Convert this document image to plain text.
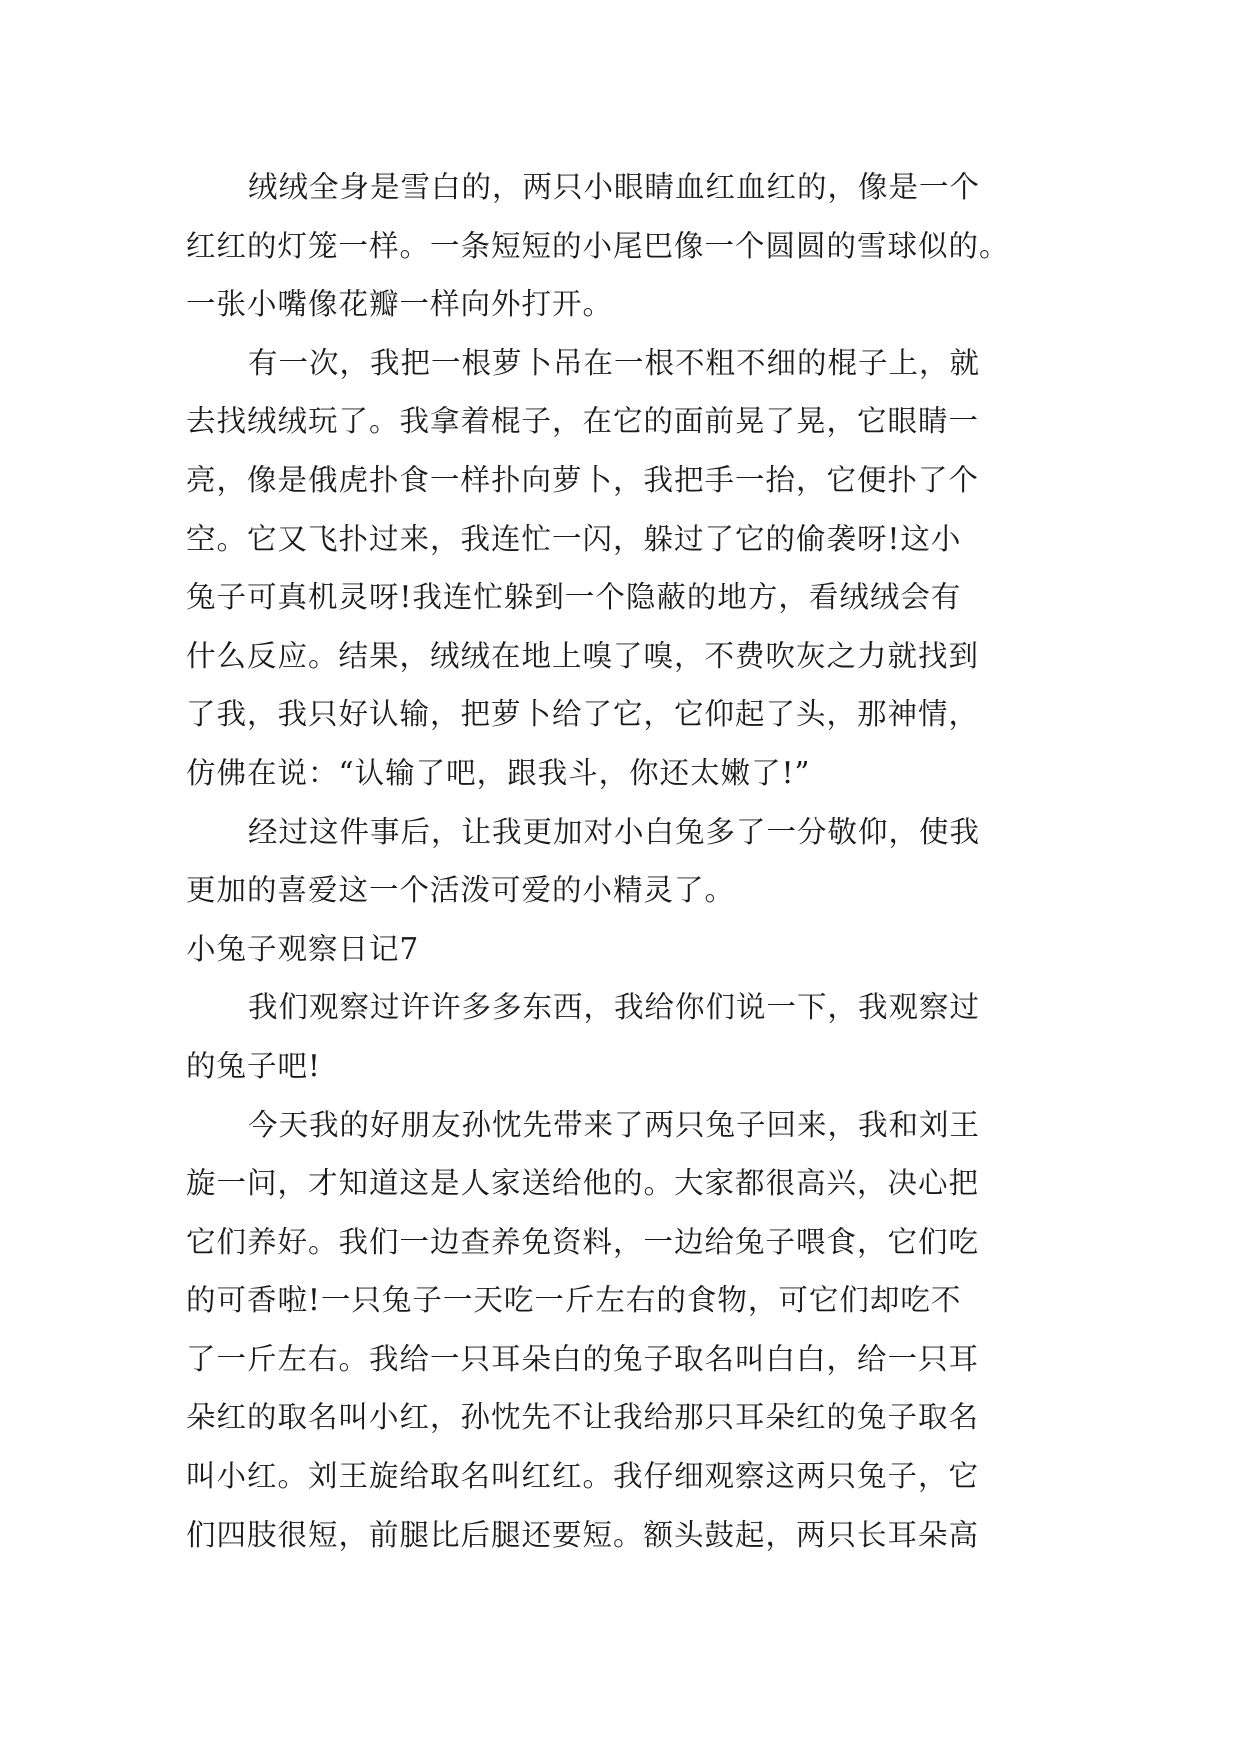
绒绒全身是雪白的，两只小眼睛血红血红的，像是一个
红红的灯笼一样。一条短短的小尾巴像一个圆圆的雪球似的。
一张小嘴像花瓣一样向外打开。
有一次，我把一根萝卜吊在一根不粗不细的棍子上，就
去找绒绒玩了。我拿着棍子，在它的面前晃了晃，它眼睛一
亮，像是俄虎扑食一样扑向萝卜，我把手一抬，它便扑了个
空。它又飞扑过来，我连忙一闪，躲过了它的偷袭呀!这小
兔子可真机灵呀!我连忙躲到一个隐蔽的地方，看绒绒会有
什么反应。结果，绒绒在地上嗅了嗅，不费吹灰之力就找到
了我，我只好认输，把萝卜给了它，它仰起了头，那神情，
仿佛在说：“认输了吧，跟我斗，你还太嫩了!”
经过这件事后，让我更加对小白兔多了一分敬仰，使我
更加的喜爱这一个活泼可爱的小精灵了。
小兔子观察日记7
我们观察过许许多多东西，我给你们说一下，我观察过
的兔子吧!
今天我的好朋友孙忱先带来了两只兔子回来，我和刘王
旋一问，才知道这是人家送给他的。大家都很高兴，决心把
它们养好。我们一边查养免资料，一边给兔子喂食，它们吃
的可香啦!一只兔子一天吃一斤左右的食物，可它们却吃不
了一斤左右。我给一只耳朵白的兔子取名叫白白，给一只耳
朵红的取名叫小红，孙忱先不让我给那只耳朵红的兔子取名
叫小红。刘王旋给取名叫红红。我仔细观察这两只兔子，它
们四肢很短，前腿比后腿还要短。额头鼓起，两只长耳朵高
